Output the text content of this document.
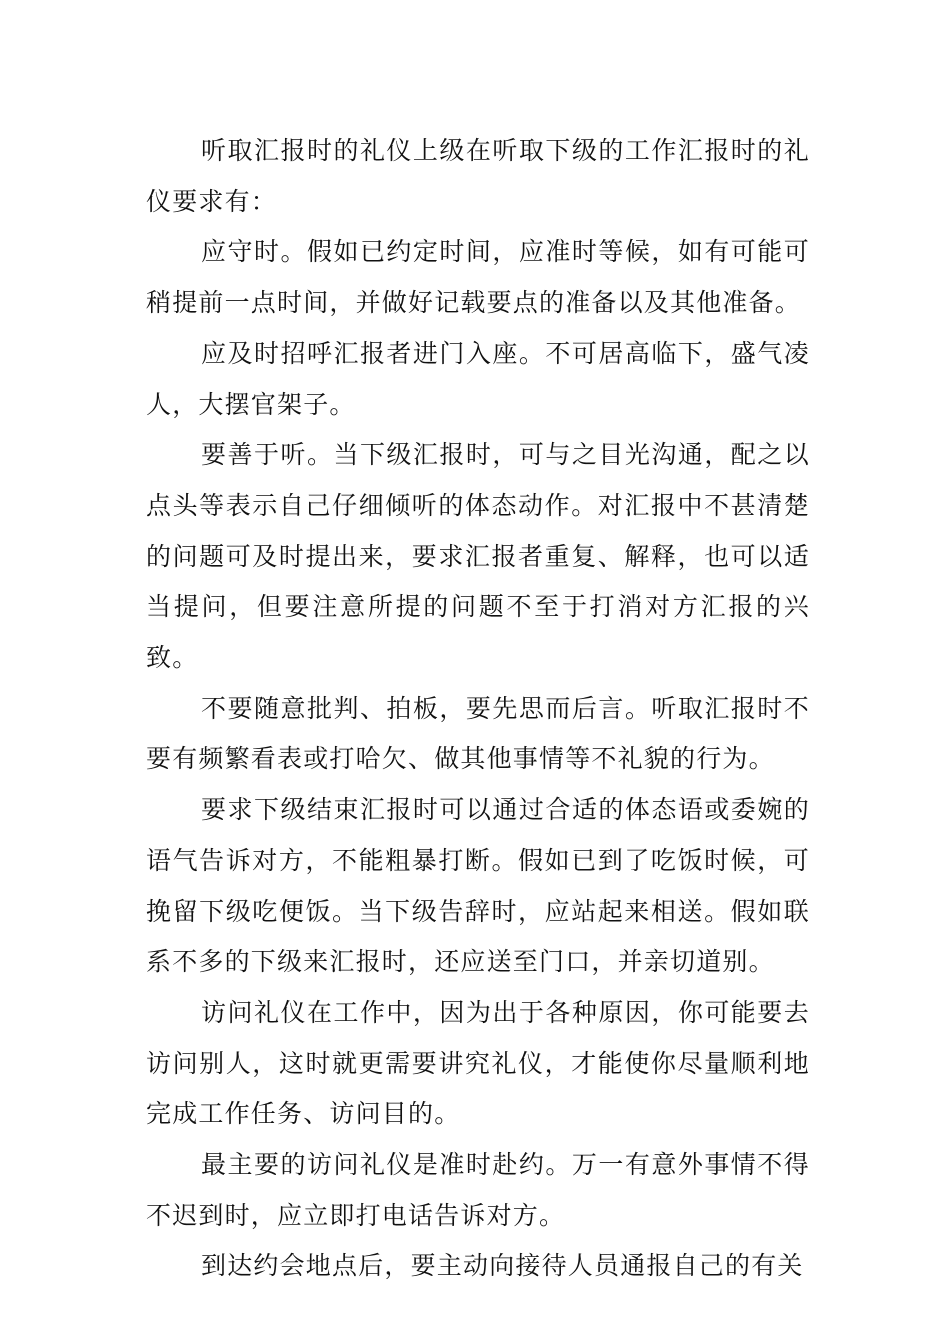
听取汇报时的礼仪上级在听取下级的工作汇报时的礼仪要求有：

应守时。假如已约定时间，应准时等候，如有可能可稍提前一点时间，并做好记载要点的准备以及其他准备。

应及时招呼汇报者进门入座。不可居高临下，盛气凌人，大摆官架子。

要善于听。当下级汇报时，可与之目光沟通，配之以点头等表示自己仔细倾听的体态动作。对汇报中不甚清楚的问题可及时提出来，要求汇报者重复、解释，也可以适当提问，但要注意所提的问题不至于打消对方汇报的兴致。

不要随意批判、拍板，要先思而后言。听取汇报时不要有频繁看表或打哈欠、做其他事情等不礼貌的行为。

要求下级结束汇报时可以通过合适的体态语或委婉的语气告诉对方，不能粗暴打断。假如已到了吃饭时候，可挽留下级吃便饭。当下级告辞时，应站起来相送。假如联系不多的下级来汇报时，还应送至门口，并亲切道别。

访问礼仪在工作中，因为出于各种原因，你可能要去访问别人，这时就更需要讲究礼仪，才能使你尽量顺利地完成工作任务、访问目的。

最主要的访问礼仪是准时赴约。万一有意外事情不得不迟到时，应立即打电话告诉对方。

到达约会地点后，要主动向接待人员通报自己的有关
